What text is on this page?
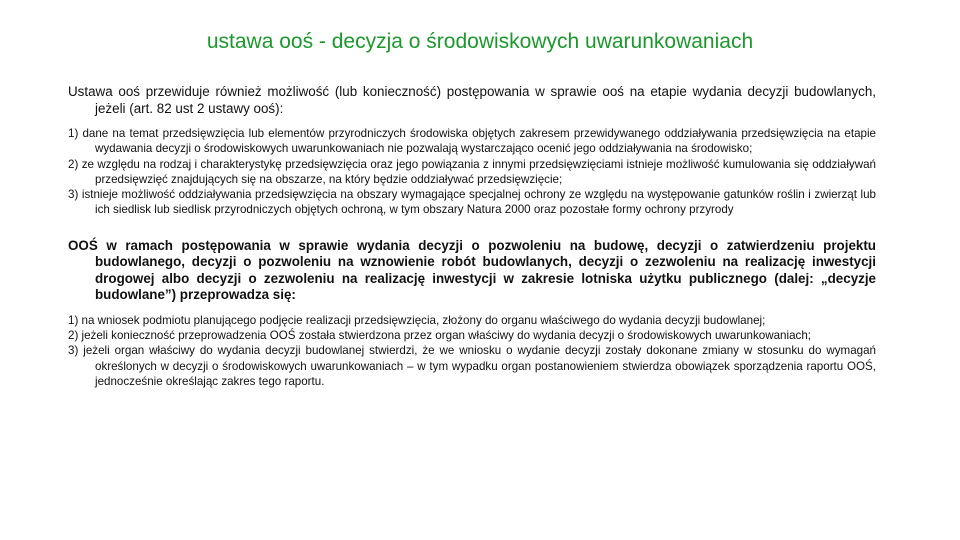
ustawa ooś - decyzja o środowiskowych uwarunkowaniach

Ustawa ooś przewiduje również możliwość (lub konieczność) postępowania w sprawie ooś na etapie wydania decyzji budowlanych, jeżeli (art. 82 ust 2 ustawy ooś):

1) dane na temat przedsięwzięcia lub elementów przyrodniczych środowiska objętych zakresem przewidywanego oddziaływania przedsięwzięcia na etapie wydawania decyzji o środowiskowych uwarunkowaniach nie pozwalają wystarczająco ocenić jego oddziaływania na środowisko;
2) ze względu na rodzaj i charakterystykę przedsięwzięcia oraz jego powiązania z innymi przedsięwzięciami istnieje możliwość kumulowania się oddziaływań przedsięwzięć znajdujących się na obszarze, na który będzie oddziaływać przedsięwzięcie;
3) istnieje możliwość oddziaływania przedsięwzięcia na obszary wymagające specjalnej ochrony ze względu na występowanie gatunków roślin i zwierząt lub ich siedlisk lub siedlisk przyrodniczych objętych ochroną, w tym obszary Natura 2000 oraz pozostałe formy ochrony przyrody

OOŚ w ramach postępowania w sprawie wydania decyzji o pozwoleniu na budowę, decyzji o zatwierdzeniu projektu budowlanego, decyzji o pozwoleniu na wznowienie robót budowlanych, decyzji o zezwoleniu na realizację inwestycji drogowej albo decyzji o zezwoleniu na realizację inwestycji w zakresie lotniska użytku publicznego (dalej: „decyzje budowlane”) przeprowadza się:

1) na wniosek podmiotu planującego podjęcie realizacji przedsięwzięcia, złożony do organu właściwego do wydania decyzji budowlanej;
2) jeżeli konieczność przeprowadzenia OOŚ została stwierdzona przez organ właściwy do wydania decyzji o środowiskowych uwarunkowaniach;
3) jeżeli organ właściwy do wydania decyzji budowlanej stwierdzi, że we wniosku o wydanie decyzji zostały dokonane zmiany w stosunku do wymagań określonych w decyzji o środowiskowych uwarunkowaniach – w tym wypadku organ postanowieniem stwierdza obowiązek sporządzenia raportu OOŚ, jednocześnie określając zakres tego raportu.
